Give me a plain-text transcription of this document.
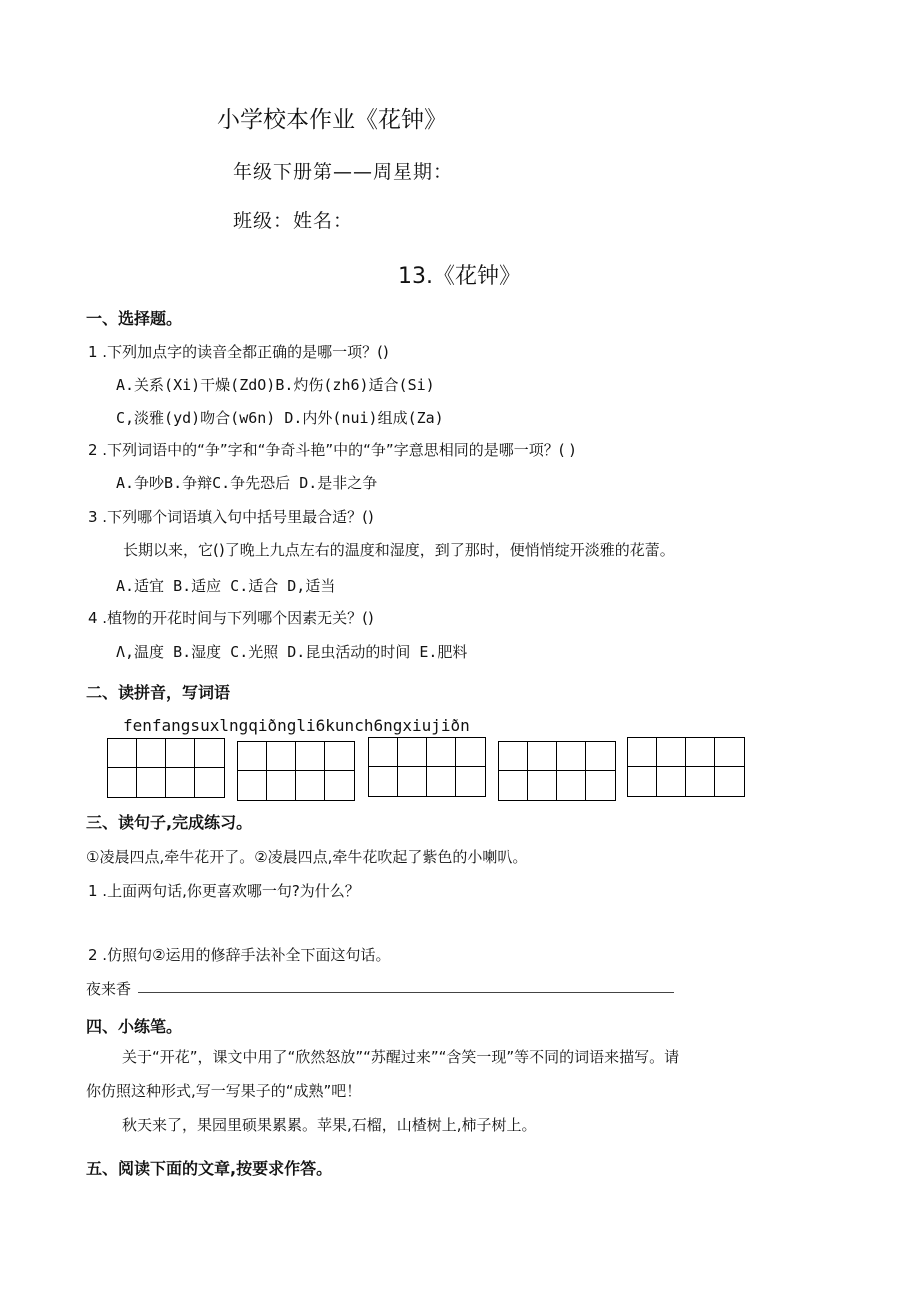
小学校本作业《花钟》
年级下册第——周星期：
班级：姓名：
13.《花钟》
一、选择题。
1 .下列加点字的读音全都正确的是哪一项？()
A.关系(Xi)干燥(ZdO)B.灼伤(zh6)适合(Si)
C,淡雅(yd)吻合(w6n) D.内外(nui)组成(Za)
2 .下列词语中的“争”字和“争奇斗艳”中的“争”字意思相同的是哪一项？( )
A.争吵B.争辩C.争先恐后 D.是非之争
3 .下列哪个词语填入句中括号里最合适？()
长期以来，它()了晚上九点左右的温度和湿度，到了那时，便悄悄绽开淡雅的花蕾。
A.适宜 B.适应 C.适合 D,适当
4 .植物的开花时间与下列哪个因素无关？()
Λ,温度 B.湿度 C.光照 D.昆虫活动的时间 E.肥料
二、读拼音，写词语
fenfangsuxlngqiðngli6kunch6ngxiujiðn
三、读句子,完成练习。
①凌晨四点,牵牛花开了。②凌晨四点,牵牛花吹起了紫色的小喇叭。
1 .上面两句话,你更喜欢哪一句?为什么？
2 .仿照句②运用的修辞手法补全下面这句话。
夜来香
四、小练笔。
关于“开花”，课文中用了“欣然怒放”“苏醒过来”“含笑一现”等不同的词语来描写。请
你仿照这种形式,写一写果子的“成熟”吧！
秋天来了，果园里硕果累累。苹果,石榴，山楂树上,柿子树上。
五、阅读下面的文章,按要求作答。
